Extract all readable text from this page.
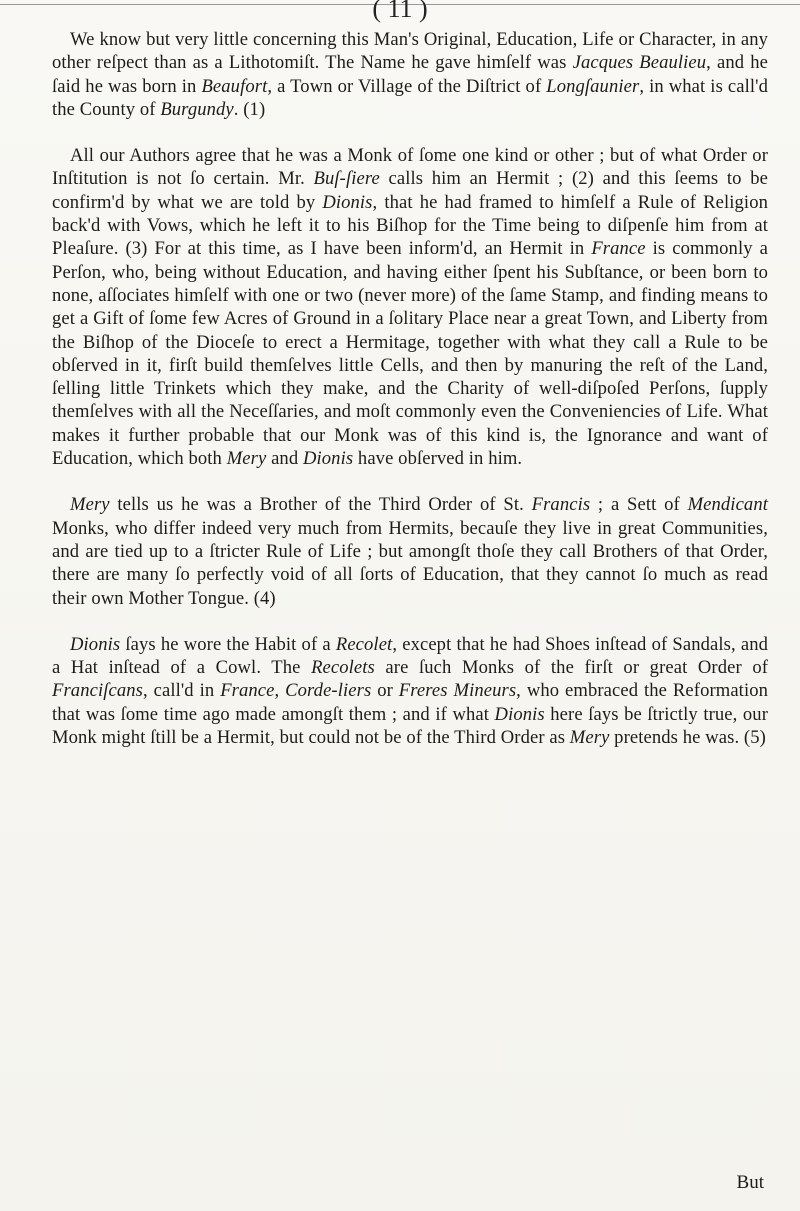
( 11 )

We know but very little concerning this Man's Original, Education, Life or Character, in any other reſpect than as a Lithotomiſt. The Name he gave himſelf was Jacques Beaulieu, and he ſaid he was born in Beaufort, a Town or Village of the Diſtrict of Longſaunier, in what is call'd the County of Burgundy. (1)

All our Authors agree that he was a Monk of ſome one kind or other ; but of what Order or Inſtitution is not ſo certain. Mr. Buſ-ſiere calls him an Hermit ; (2) and this ſeems to be confirm'd by what we are told by Dionis, that he had framed to himſelf a Rule of Religion back'd with Vows, which he left it to his Biſhop for the Time being to diſpenſe him from at Pleaſure. (3) For at this time, as I have been inform'd, an Hermit in France is commonly a Perſon, who, being without Education, and having either ſpent his Subſtance, or been born to none, aſſociates himſelf with one or two (never more) of the ſame Stamp, and finding means to get a Gift of ſome few Acres of Ground in a ſolitary Place near a great Town, and Liberty from the Biſhop of the Dioceſe to erect a Hermitage, together with what they call a Rule to be obſerved in it, firſt build themſelves little Cells, and then by manuring the reſt of the Land, ſelling little Trinkets which they make, and the Charity of well-diſpoſed Perſons, ſupply themſelves with all the Neceſſaries, and moſt commonly even the Conveniencies of Life. What makes it further probable that our Monk was of this kind is, the Ignorance and want of Education, which both Mery and Dionis have obſerved in him.

Mery tells us he was a Brother of the Third Order of St. Francis ; a Sett of Mendicant Monks, who differ indeed very much from Hermits, becauſe they live in great Communities, and are tied up to a ſtricter Rule of Life ; but amongſt thoſe they call Brothers of that Order, there are many ſo perfectly void of all ſorts of Education, that they cannot ſo much as read their own Mother Tongue. (4)

Dionis ſays he wore the Habit of a Recolet, except that he had Shoes inſtead of Sandals, and a Hat inſtead of a Cowl. The Recolets are ſuch Monks of the firſt or great Order of Franciſcans, call'd in France, Corde-liers or Freres Mineurs, who embraced the Reformation that was ſome time ago made amongſt them ; and if what Dionis here ſays be ſtrictly true, our Monk might ſtill be a Hermit, but could not be of the Third Order as Mery pretends he was. (5)

But
